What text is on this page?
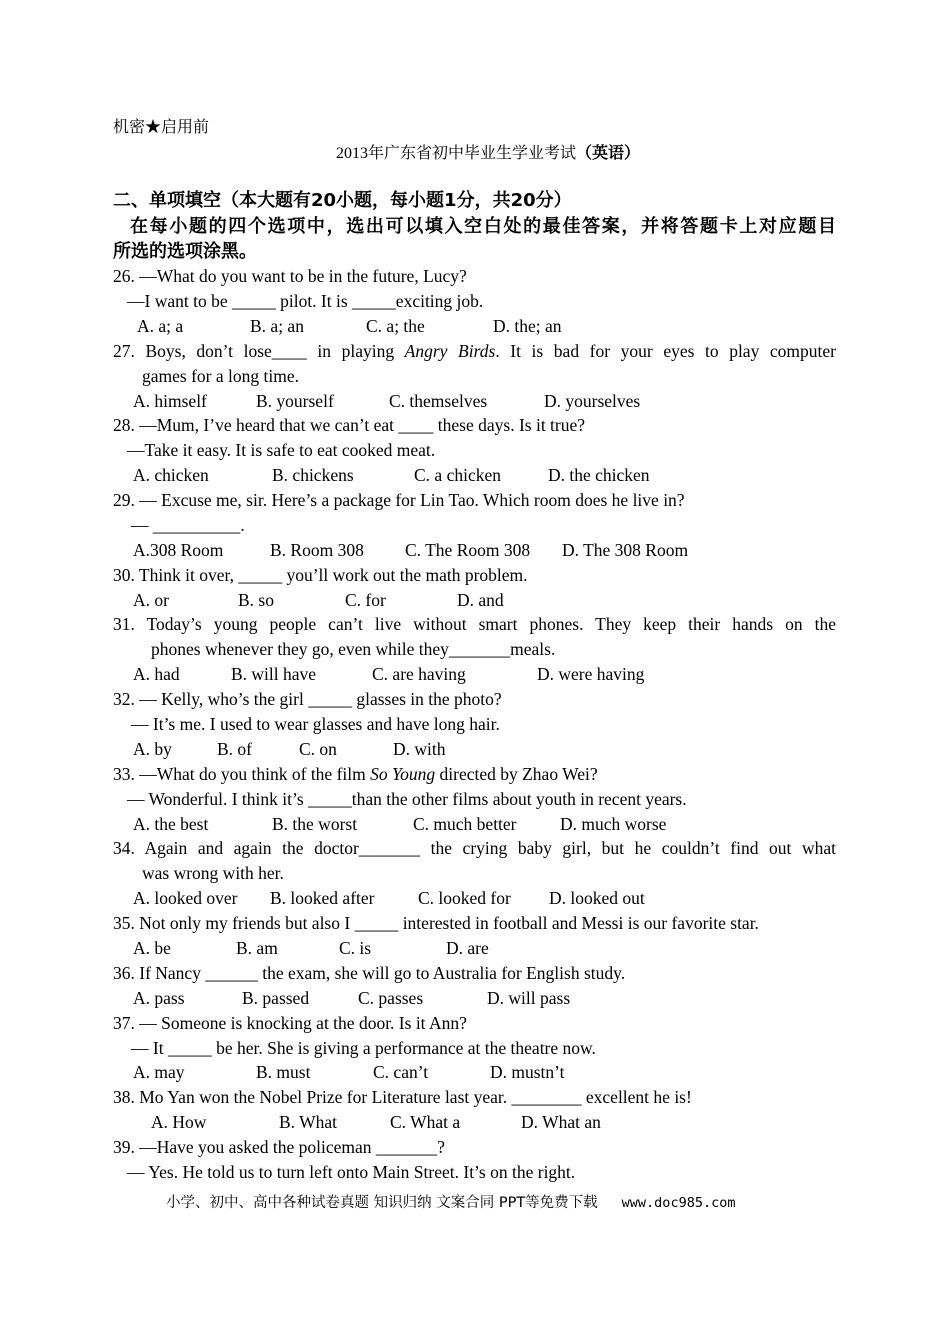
机密★启用前
2013年广东省初中毕业生学业考试（英语）
二、单项填空（本大题有20小题，每小题1分，共20分）
在每小题的四个选项中，选出可以填入空白处的最佳答案，并将答题卡上对应题目
所选的选项涂黑。
26. —What do you want to be in the future, Lucy?
—I want to be _____ pilot. It is _____exciting job.
A. a; a	B. a; an	C. a; the	D. the; an
27. Boys, don’t lose____ in playing Angry Birds. It is bad for your eyes to play computer
games for a long time.
A. himself	B. yourself	C. themselves	D. yourselves
28. —Mum, I’ve heard that we can’t eat ____ these days. Is it true?
—Take it easy. It is safe to eat cooked meat.
A. chicken	B. chickens	C. a chicken	D. the chicken
29. — Excuse me, sir. Here’s a package for Lin Tao. Which room does he live in?
— __________.
A.308 Room	B. Room 308 C. The Room 308 D. The 308 Room
30. Think it over, _____ you’ll work out the math problem.
A. or	B. so	C. for	D. and
31. Today’s young people can’t live without smart phones. They keep their hands on the
phones whenever they go, even while they_______meals.
A. had	B. will have	C. are having	D. were having
32. — Kelly, who’s the girl _____ glasses in the photo?
— It’s me. I used to wear glasses and have long hair.
A. by	B. of	C. on	D. with
33. —What do you think of the film So Young directed by Zhao Wei?
— Wonderful. I think it’s _____than the other films about youth in recent years.
A. the best	B. the worst	C. much better D. much worse
34. Again and again the doctor_______ the crying baby girl, but he couldn’t find out what
was wrong with her.
A. looked over B. looked after C. looked for D. looked out
35. Not only my friends but also I _____ interested in football and Messi is our favorite star.
A. be	B. am	C. is	D. are
36. If Nancy ______ the exam, she will go to Australia for English study.
A. pass	B. passed	C. passes	D. will pass
37. — Someone is knocking at the door. Is it Ann?
— It _____ be her. She is giving a performance at the theatre now.
A. may	B. must	C. can’t	D. mustn’t
38. Mo Yan won the Nobel Prize for Literature last year. ________ excellent he is!
A. How	B. What	C. What a	D. What an
39. —Have you asked the policeman _______?
— Yes. He told us to turn left onto Main Street. It’s on the right.
小学、初中、高中各种试卷真题 知识归纳 文案合同 PPT等免费下载 www.doc985.com
